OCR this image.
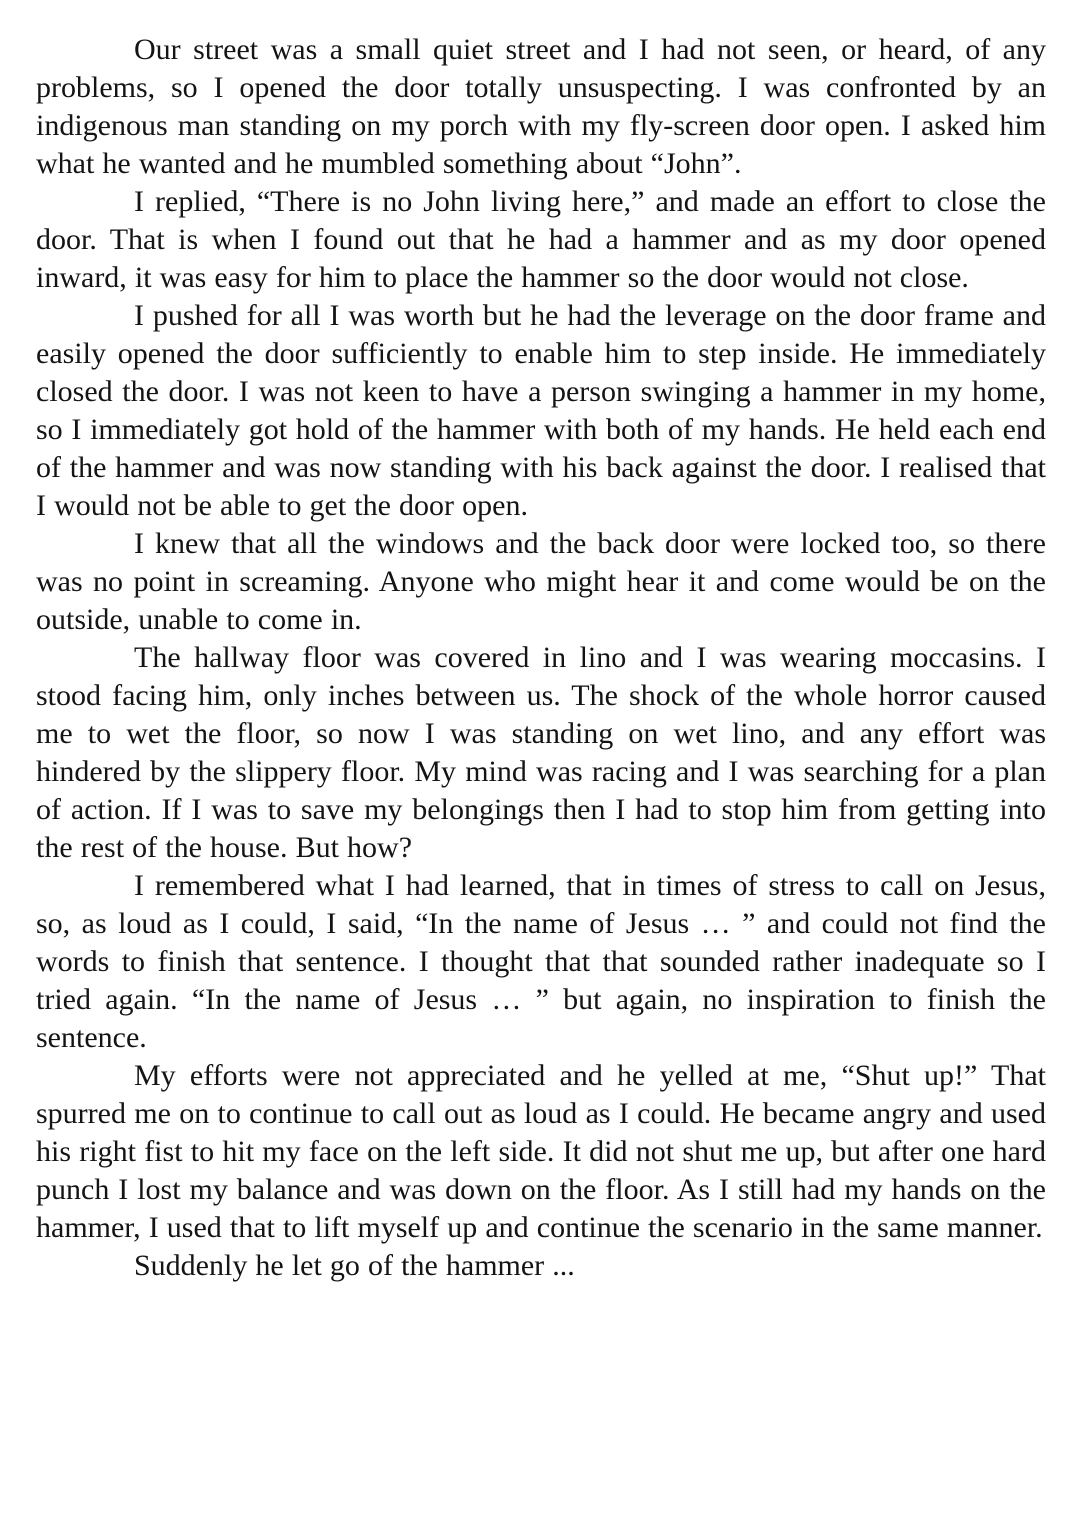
Our street was a small quiet street and I had not seen, or heard, of any problems, so I opened the door totally unsuspecting. I was confronted by an indigenous man standing on my porch with my fly-screen door open. I asked him what he wanted and he mumbled something about “John”.

I replied, “There is no John living here,” and made an effort to close the door. That is when I found out that he had a hammer and as my door opened inward, it was easy for him to place the hammer so the door would not close.

I pushed for all I was worth but he had the leverage on the door frame and easily opened the door sufficiently to enable him to step inside. He immediately closed the door. I was not keen to have a person swinging a hammer in my home, so I immediately got hold of the hammer with both of my hands. He held each end of the hammer and was now standing with his back against the door. I realised that I would not be able to get the door open.

I knew that all the windows and the back door were locked too, so there was no point in screaming. Anyone who might hear it and come would be on the outside, unable to come in.

The hallway floor was covered in lino and I was wearing moccasins. I stood facing him, only inches between us. The shock of the whole horror caused me to wet the floor, so now I was standing on wet lino, and any effort was hindered by the slippery floor. My mind was racing and I was searching for a plan of action. If I was to save my belongings then I had to stop him from getting into the rest of the house. But how?

I remembered what I had learned, that in times of stress to call on Jesus, so, as loud as I could, I said, “In the name of Jesus … ” and could not find the words to finish that sentence. I thought that that sounded rather inadequate so I tried again. “In the name of Jesus … ” but again, no inspiration to finish the sentence.

My efforts were not appreciated and he yelled at me, “Shut up!” That spurred me on to continue to call out as loud as I could. He became angry and used his right fist to hit my face on the left side. It did not shut me up, but after one hard punch I lost my balance and was down on the floor. As I still had my hands on the hammer, I used that to lift myself up and continue the scenario in the same manner.

Suddenly he let go of the hammer ...
